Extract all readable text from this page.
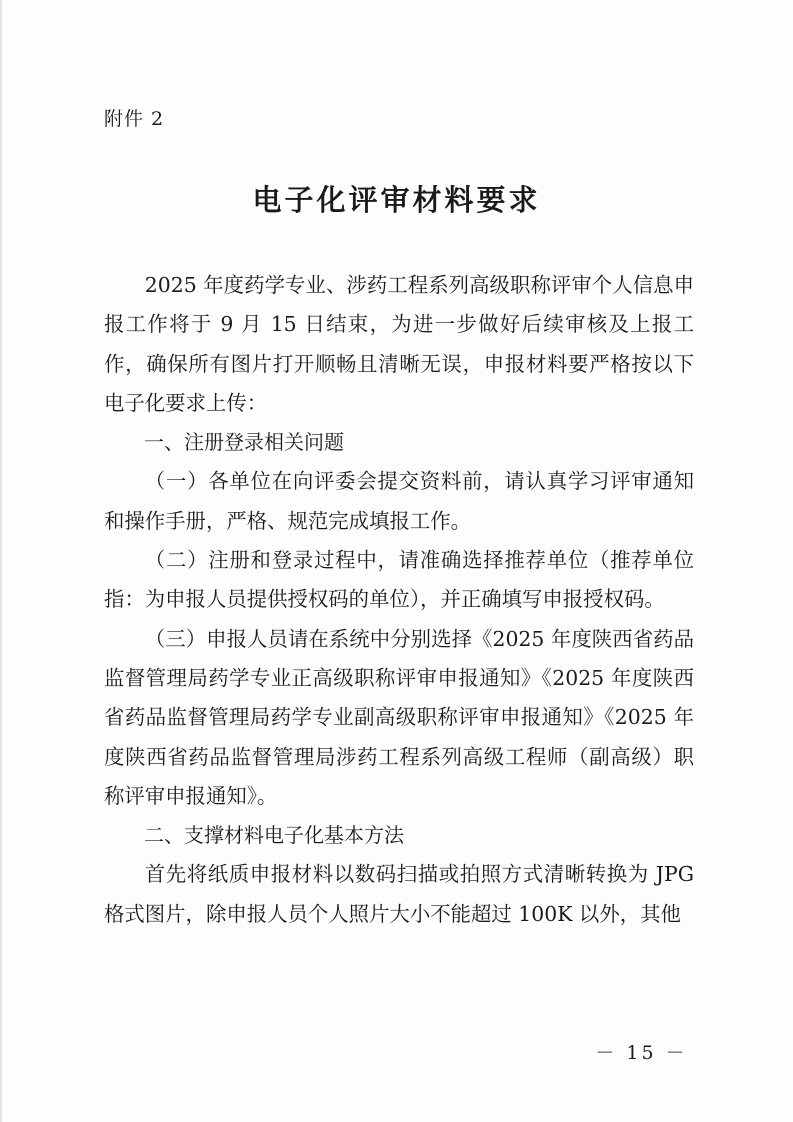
附件 2
电子化评审材料要求

2025 年度药学专业、涉药工程系列高级职称评审个人信息申报工作将于 9 月 15 日结束，为进一步做好后续审核及上报工作，确保所有图片打开顺畅且清晰无误，申报材料要严格按以下电子化要求上传：

一、注册登录相关问题

（一）各单位在向评委会提交资料前，请认真学习评审通知和操作手册，严格、规范完成填报工作。

（二）注册和登录过程中，请准确选择推荐单位（推荐单位指：为申报人员提供授权码的单位），并正确填写申报授权码。

（三）申报人员请在系统中分别选择《2025 年度陕西省药品监督管理局药学专业正高级职称评审申报通知》《2025 年度陕西省药品监督管理局药学专业副高级职称评审申报通知》《2025 年度陕西省药品监督管理局涉药工程系列高级工程师（副高级）职称评审申报通知》。

二、支撑材料电子化基本方法

首先将纸质申报材料以数码扫描或拍照方式清晰转换为 JPG 格式图片，除申报人员个人照片大小不能超过 100K 以外，其他

－ 15 －
